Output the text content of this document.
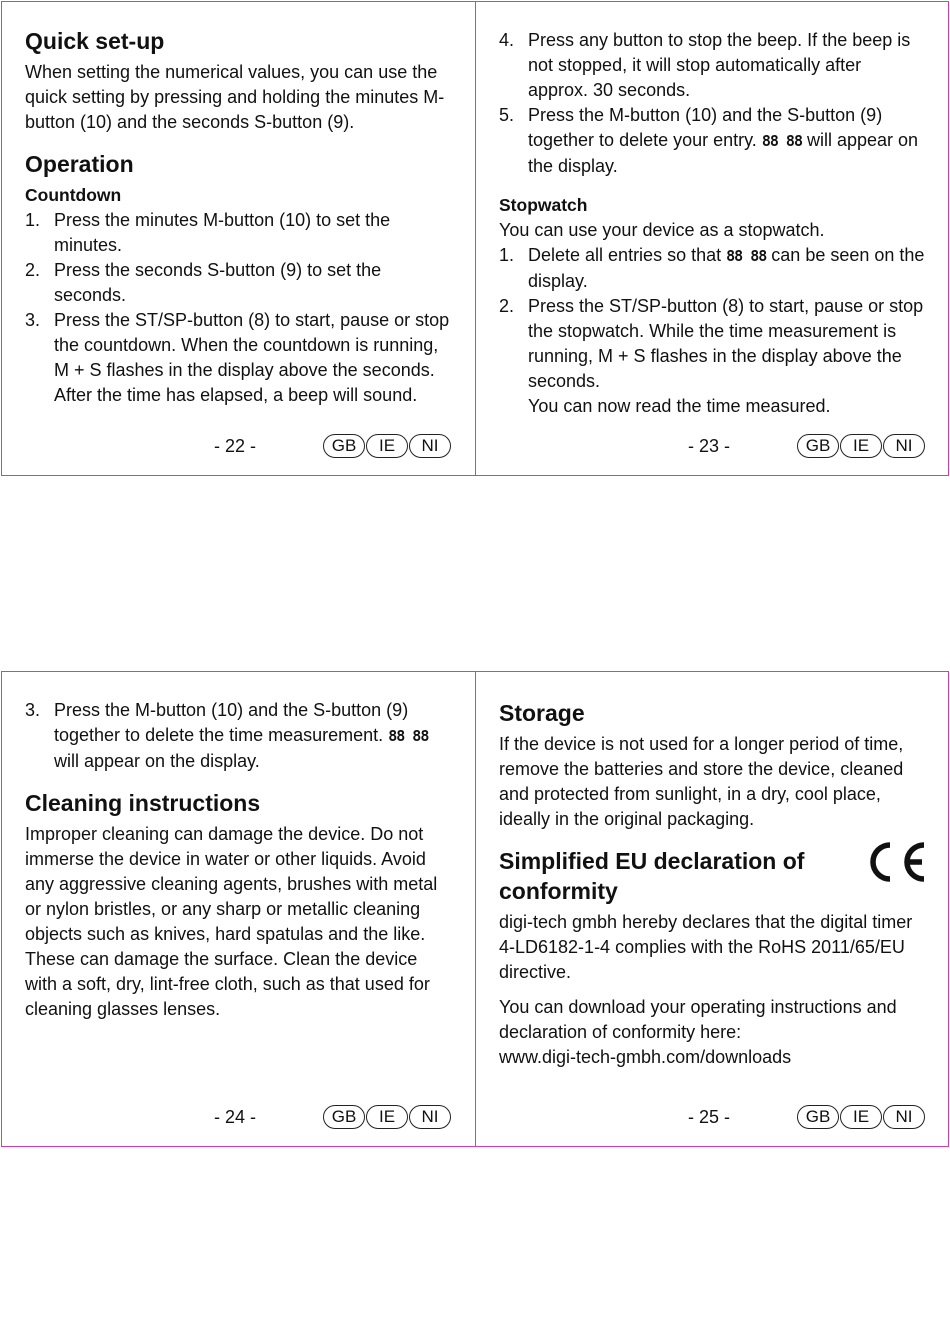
Quick set-up

When setting the numerical values, you can use the quick setting by pressing and holding the minutes M-button (10) and the seconds S-button (9).

Operation
Countdown
1. Press the minutes M-button (10) to set the minutes.
2. Press the seconds S-button (9) to set the seconds.
3. Press the ST/SP-button (8) to start, pause or stop the countdown. When the countdown is running, M + S flashes in the display above the seconds. After the time has elapsed, a beep will sound.
- 22 -	GB	IE	NI
4. Press any button to stop the beep. If the beep is not stopped, it will stop automatically after approx. 30 seconds.
5. Press the M-button (10) and the S-button (9) together to delete your entry. 88 88 will appear on the display.
Stopwatch

You can use your device as a stopwatch.

1. Delete all entries so that 88 88 can be seen on the display.
2. Press the ST/SP-button (8) to start, pause or stop the stopwatch. While the time measurement is running, M + S flashes in the display above the seconds.
You can now read the time measured.
- 23 -	GB	IE	NI
3. Press the M-button (10) and the S-button (9) together to delete the time measurement. 88 88 will appear on the display.
Cleaning instructions

Improper cleaning can damage the device. Do not immerse the device in water or other liquids. Avoid any aggressive cleaning agents, brushes with metal or nylon bristles, or any sharp or metallic cleaning objects such as knives, hard spatulas and the like. These can damage the surface. Clean the device with a soft, dry, lint-free cloth, such as that used for cleaning glasses lenses.

- 24 -	GB	IE	NI
Storage

If the device is not used for a longer period of time, remove the batteries and store the device, cleaned and protected from sunlight, in a dry, cool place, ideally in the original packaging.

Simplified EU declaration of
conformity

digi-tech gmbh hereby declares that the digital timer 4-LD6182-1-4 complies with the RoHS 2011/65/EU directive.

You can download your operating instructions and declaration of conformity here:

www.digi-tech-gmbh.com/downloads

- 25 -	GB	IE	NI
